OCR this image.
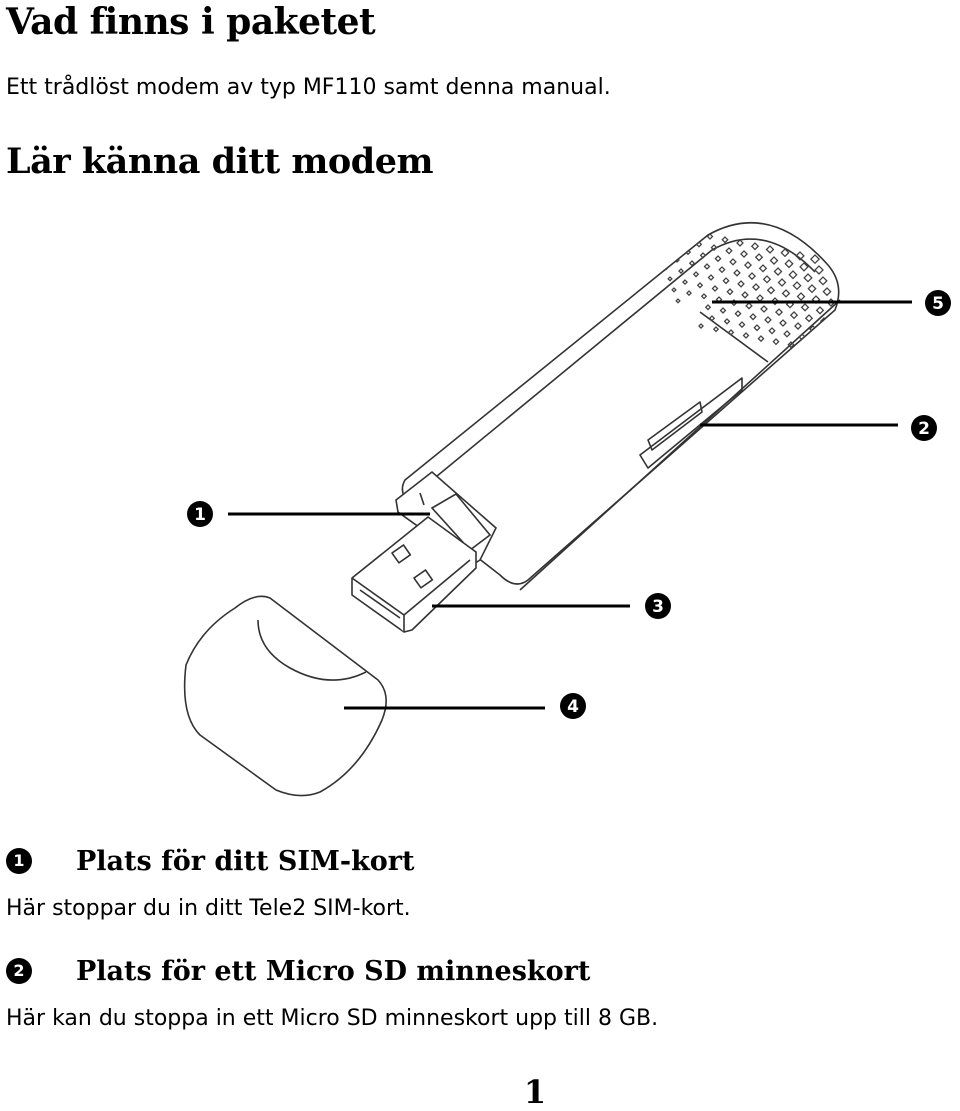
Vad finns i paketet

Ett trådlöst modem av typ MF110 samt denna manual.

Lär känna ditt modem
1
2
3
4
5
1 Plats för ditt SIM-kort
Här stoppar du in ditt Tele2 SIM-kort.
2 Plats för ett Micro SD minneskort
Här kan du stoppa in ett Micro SD minneskort upp till 8 GB.
1
